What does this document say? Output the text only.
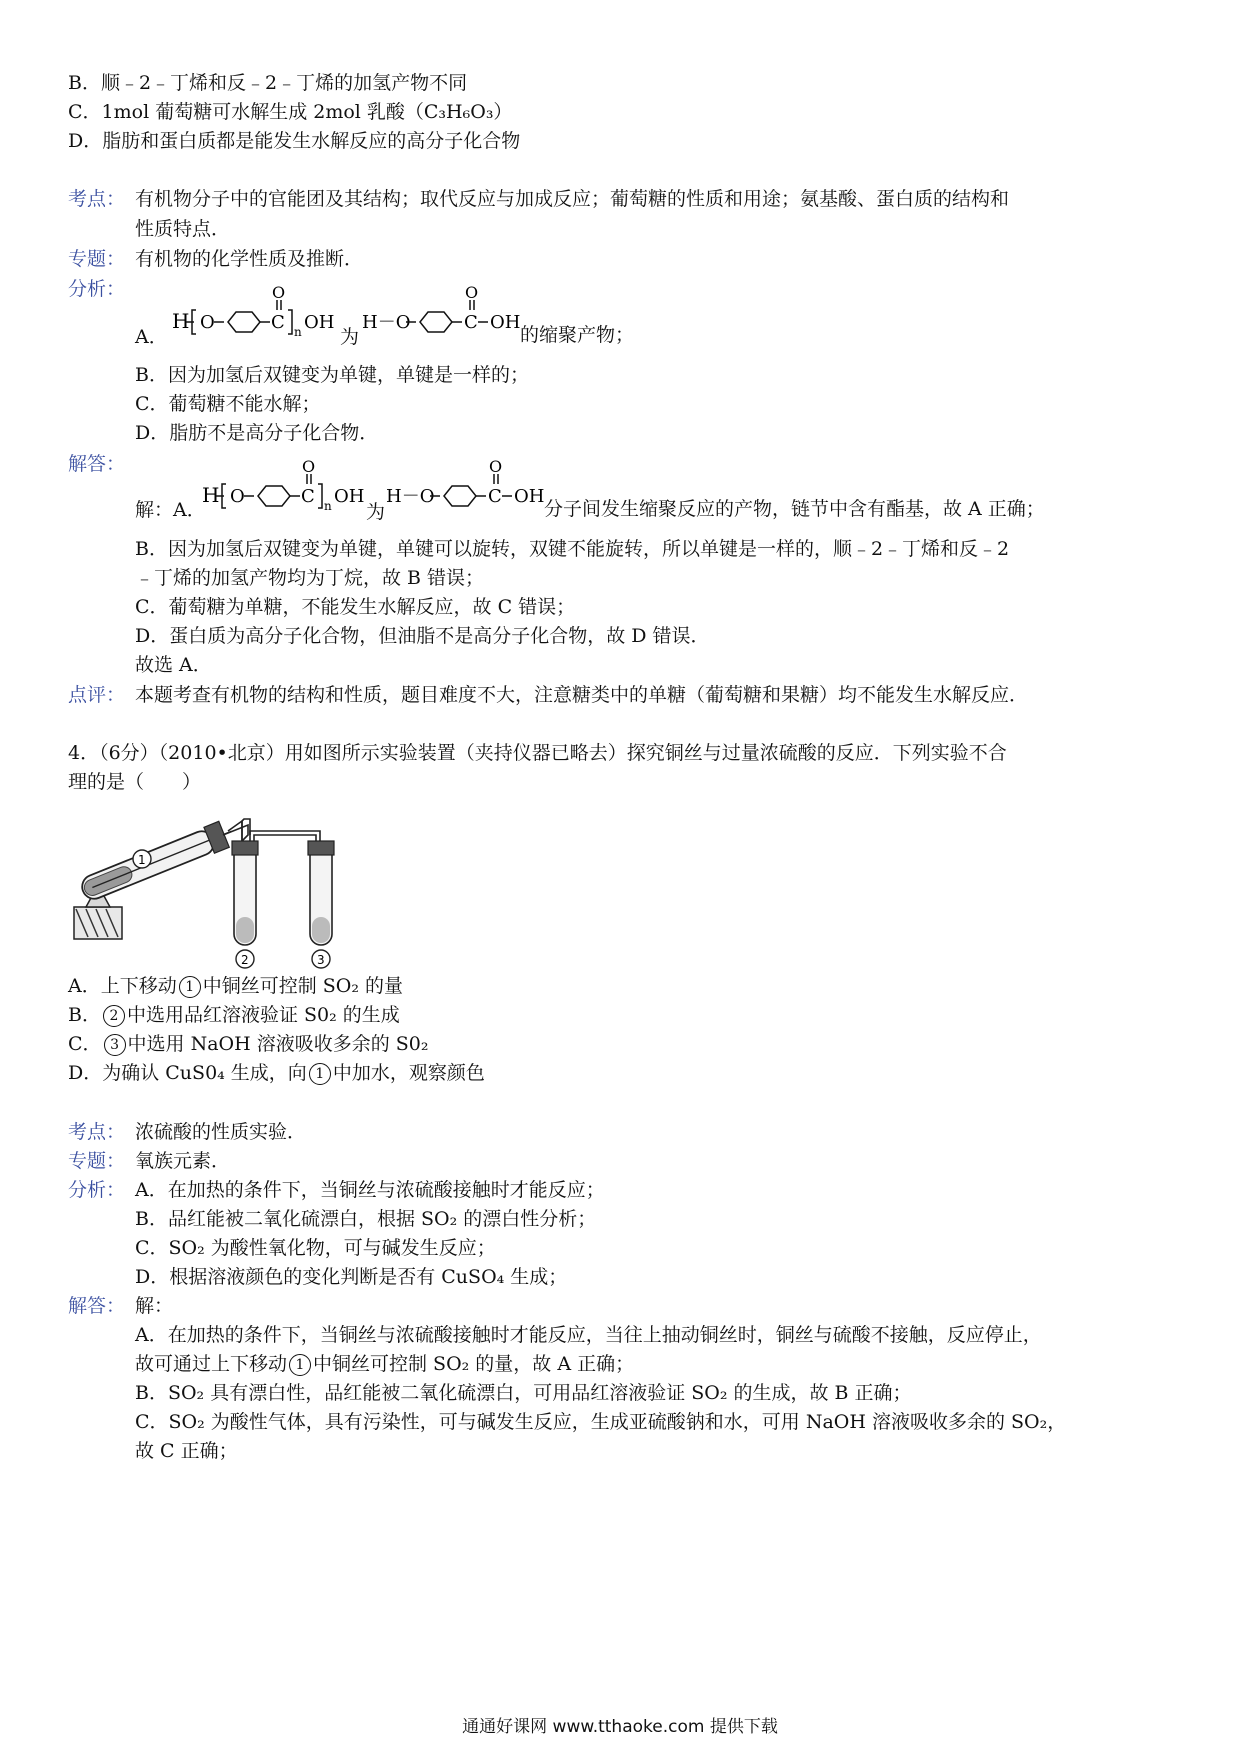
B．顺﹣2﹣丁烯和反﹣2﹣丁烯的加氢产物不同
C．1mol 葡萄糖可水解生成 2mol 乳酸（C₃H₆O₃）
D．脂肪和蛋白质都是能发生水解反应的高分子化合物
考点： 有机物分子中的官能团及其结构；取代反应与加成反应；葡萄糖的性质和用途；氨基酸、蛋白质的结构和
性质特点．
专题： 有机物的化学性质及推断．
分析：
A．
H O	C
O
n OH
为
H－O	C
O
OH
的缩聚产物；
B．因为加氢后双键变为单键，单键是一样的；
C．葡萄糖不能水解；
D．脂肪不是高分子化合物．
解答：
解：A．
H O	C
O
n OH
为
H－O	C
O
OH
分子间发生缩聚反应的产物，链节中含有酯基，故 A 正确；
B．因为加氢后双键变为单键，单键可以旋转，双键不能旋转，所以单键是一样的，顺﹣2﹣丁烯和反﹣2
﹣丁烯的加氢产物均为丁烷，故 B 错误；
C．葡萄糖为单糖，不能发生水解反应，故 C 错误；
D．蛋白质为高分子化合物，但油脂不是高分子化合物，故 D 错误．
故选 A．
点评： 本题考查有机物的结构和性质，题目难度不大，注意糖类中的单糖（葡萄糖和果糖）均不能发生水解反应．
4．（6分）（2010•北京）用如图所示实验装置（夹持仪器已略去）探究铜丝与过量浓硫酸的反应．下列实验不合
理的是（　　）
1
2	3
A．上下移动 1 中铜丝可控制 SO₂ 的量
B． 2 中选用品红溶液验证 S0₂ 的生成
C． 3 中选用 NaOH 溶液吸收多余的 S0₂
D．为确认 CuS0₄ 生成，向 1 中加水，观察颜色
考点： 浓硫酸的性质实验．
专题： 氧族元素．
分析： A．在加热的条件下，当铜丝与浓硫酸接触时才能反应；
B．品红能被二氧化硫漂白，根据 SO₂ 的漂白性分析；
C．SO₂ 为酸性氧化物，可与碱发生反应；
D．根据溶液颜色的变化判断是否有 CuSO₄ 生成；
解答： 解：
A．在加热的条件下，当铜丝与浓硫酸接触时才能反应，当往上抽动铜丝时，铜丝与硫酸不接触，反应停止，
故可通过上下移动 1 中铜丝可控制 SO₂ 的量，故 A 正确；
B．SO₂ 具有漂白性，品红能被二氧化硫漂白，可用品红溶液验证 SO₂ 的生成，故 B 正确；
C．SO₂ 为酸性气体，具有污染性，可与碱发生反应，生成亚硫酸钠和水，可用 NaOH 溶液吸收多余的 SO₂，
故 C 正确；
通通好课网 www.tthaoke.com 提供下载
